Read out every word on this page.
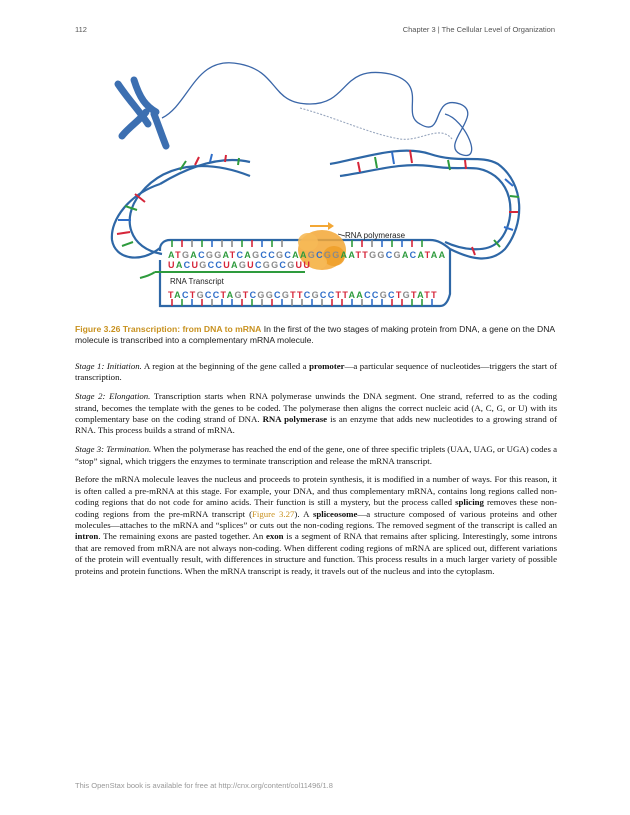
112	Chapter 3 | The Cellular Level of Organization
RNA polymerase
RNA Transcript
ATGACGGATCAGCCGCAAGCGGAATTGGCGACATAA
UACUGCCUAGUCGGCGUU
TACTGCCTAGTCGGCGTTCGCCTTAACCGCTGTATT
Figure 3.26 Transcription: from DNA to mRNA In the first of the two stages of making protein from DNA, a gene on the DNA molecule is transcribed into a complementary mRNA molecule.

Stage 1: Initiation. A region at the beginning of the gene called a promoter—a particular sequence of nucleotides—triggers the start of transcription.

Stage 2: Elongation. Transcription starts when RNA polymerase unwinds the DNA segment. One strand, referred to as the coding strand, becomes the template with the genes to be coded. The polymerase then aligns the correct nucleic acid (A, C, G, or U) with its complementary base on the coding strand of DNA. RNA polymerase is an enzyme that adds new nucleotides to a growing strand of RNA. This process builds a strand of mRNA.

Stage 3: Termination. When the polymerase has reached the end of the gene, one of three specific triplets (UAA, UAG, or UGA) codes a “stop” signal, which triggers the enzymes to terminate transcription and release the mRNA transcript.

Before the mRNA molecule leaves the nucleus and proceeds to protein synthesis, it is modified in a number of ways. For this reason, it is often called a pre-mRNA at this stage. For example, your DNA, and thus complementary mRNA, contains long regions called non-coding regions that do not code for amino acids. Their function is still a mystery, but the process called splicing removes these non-coding regions from the pre-mRNA transcript (Figure 3.27). A spliceosome—a structure composed of various proteins and other molecules—attaches to the mRNA and “splices” or cuts out the non-coding regions. The removed segment of the transcript is called an intron. The remaining exons are pasted together. An exon is a segment of RNA that remains after splicing. Interestingly, some introns that are removed from mRNA are not always non-coding. When different coding regions of mRNA are spliced out, different variations of the protein will eventually result, with differences in structure and function. This process results in a much larger variety of possible proteins and protein functions. When the mRNA transcript is ready, it travels out of the nucleus and into the cytoplasm.

This OpenStax book is available for free at http://cnx.org/content/col11496/1.8
